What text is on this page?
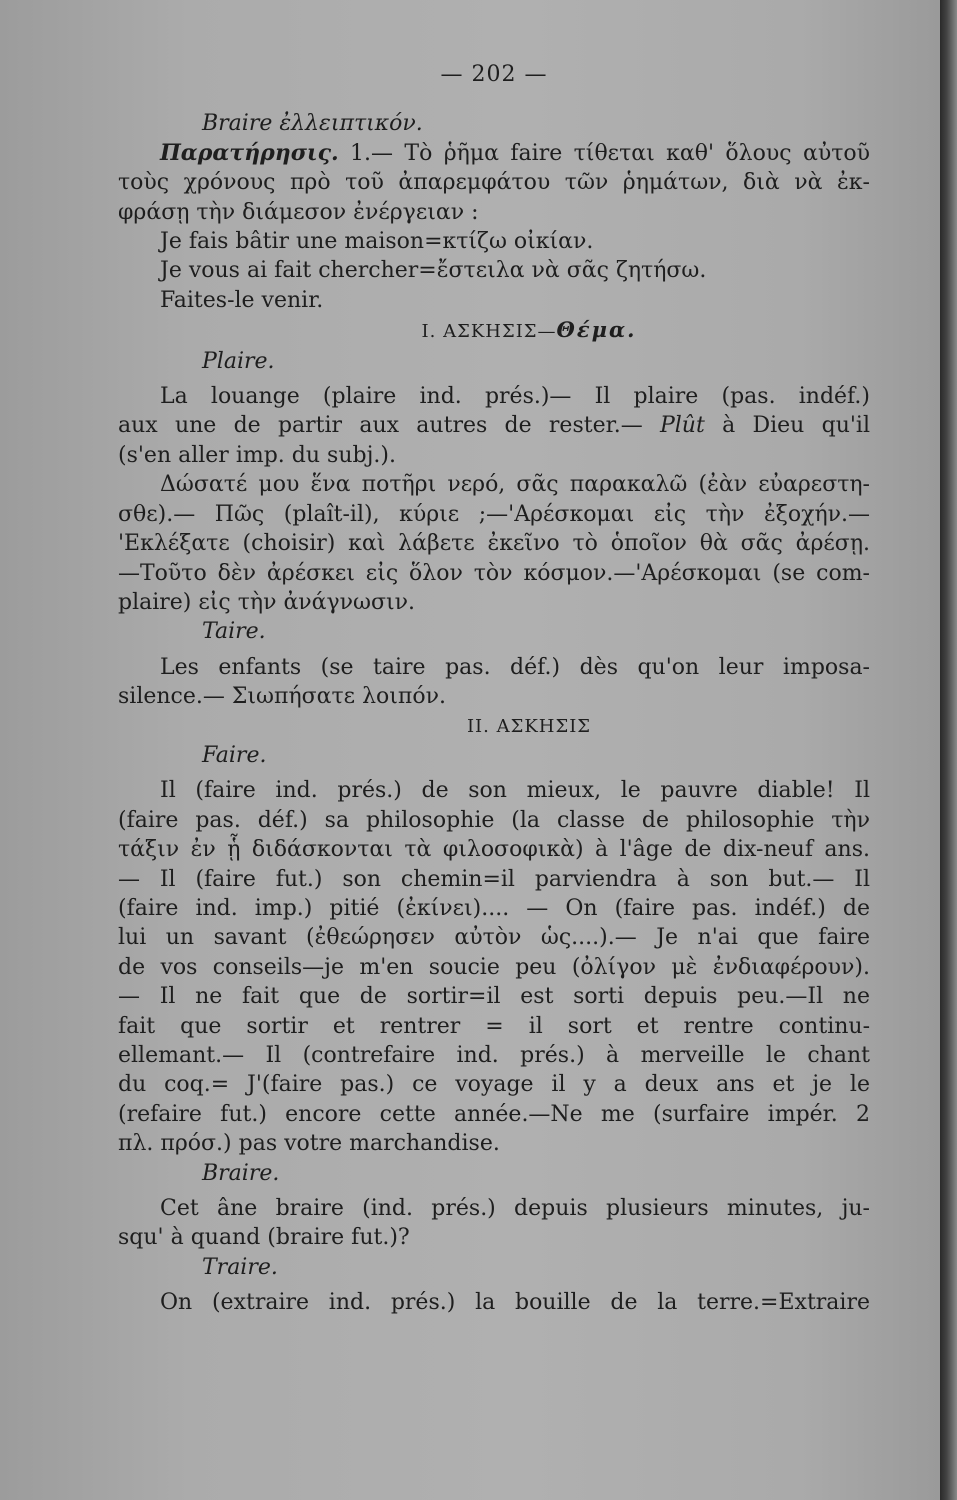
— 202 —
Braire ἐλλειπτικόν.
Παρατήρησις. 1.— Τὸ ῥῆμα faire τίθεται καθ' ὅλους αὐτοῦ
τοὺς χρόνους πρὸ τοῦ ἀπαρεμφάτου τῶν ῥημάτων, διὰ νὰ ἐκ-
φράσῃ τὴν διάμεσον ἐνέργειαν :
Je fais bâtir une maison=κτίζω οἰκίαν.
Je vous ai fait chercher=ἔστειλα νὰ σᾶς ζητήσω.
Faites-le venir.
I. ΑΣΚΗΣΙΣ—Θέμα.
Plaire.
La louange (plaire ind. prés.)— Il plaire (pas. indéf.)
aux une de partir aux autres de rester.— Plût à Dieu qu'il
(s'en aller imp. du subj.).
Δώσατέ μου ἕνα ποτῆρι νερό, σᾶς παρακαλῶ (ἐὰν εὐαρεστη-
σθε).— Πῶς (plaît-il), κύριε ;—'Αρέσκομαι εἰς τὴν ἐξοχήν.—
'Εκλέξατε (choisir) καὶ λάβετε ἐκεῖνο τὸ ὁποῖον θὰ σᾶς ἀρέσῃ.
—Τοῦτο δὲν ἀρέσκει εἰς ὅλον τὸν κόσμον.—'Αρέσκομαι (se com-
plaire) εἰς τὴν ἀνάγνωσιν.
Taire.
Les enfants (se taire pas. déf.) dès qu'on leur imposa-
silence.— Σιωπήσατε λοιπόν.
II. ΑΣΚΗΣΙΣ
Faire.
Il (faire ind. prés.) de son mieux, le pauvre diable! Il
(faire pas. déf.) sa philosophie (la classe de philosophie τὴν
τάξιν ἐν ᾗ διδάσκονται τὰ φιλοσοφικὰ) à l'âge de dix-neuf ans.
— Il (faire fut.) son chemin=il parviendra à son but.— Il
(faire ind. imp.) pitié (ἐκίνει).... — On (faire pas. indéf.) de
lui un savant (ἐθεώρησεν αὐτὸν ὡς....).— Je n'ai que faire
de vos conseils—je m'en soucie peu (ὀλίγον μὲ ἐνδιαφέρουν).
— Il ne fait que de sortir=il est sorti depuis peu.—Il ne
fait que sortir et rentrer = il sort et rentre continu-
ellemant.— Il (contrefaire ind. prés.) à merveille le chant
du coq.= J'(faire pas.) ce voyage il y a deux ans et je le
(refaire fut.) encore cette année.—Ne me (surfaire impér. 2
πλ. πρόσ.) pas votre marchandise.
Braire.
Cet âne braire (ind. prés.) depuis plusieurs minutes, ju-
squ' à quand (braire fut.)?
Traire.
On (extraire ind. prés.) la bouille de la terre.=Extraire
